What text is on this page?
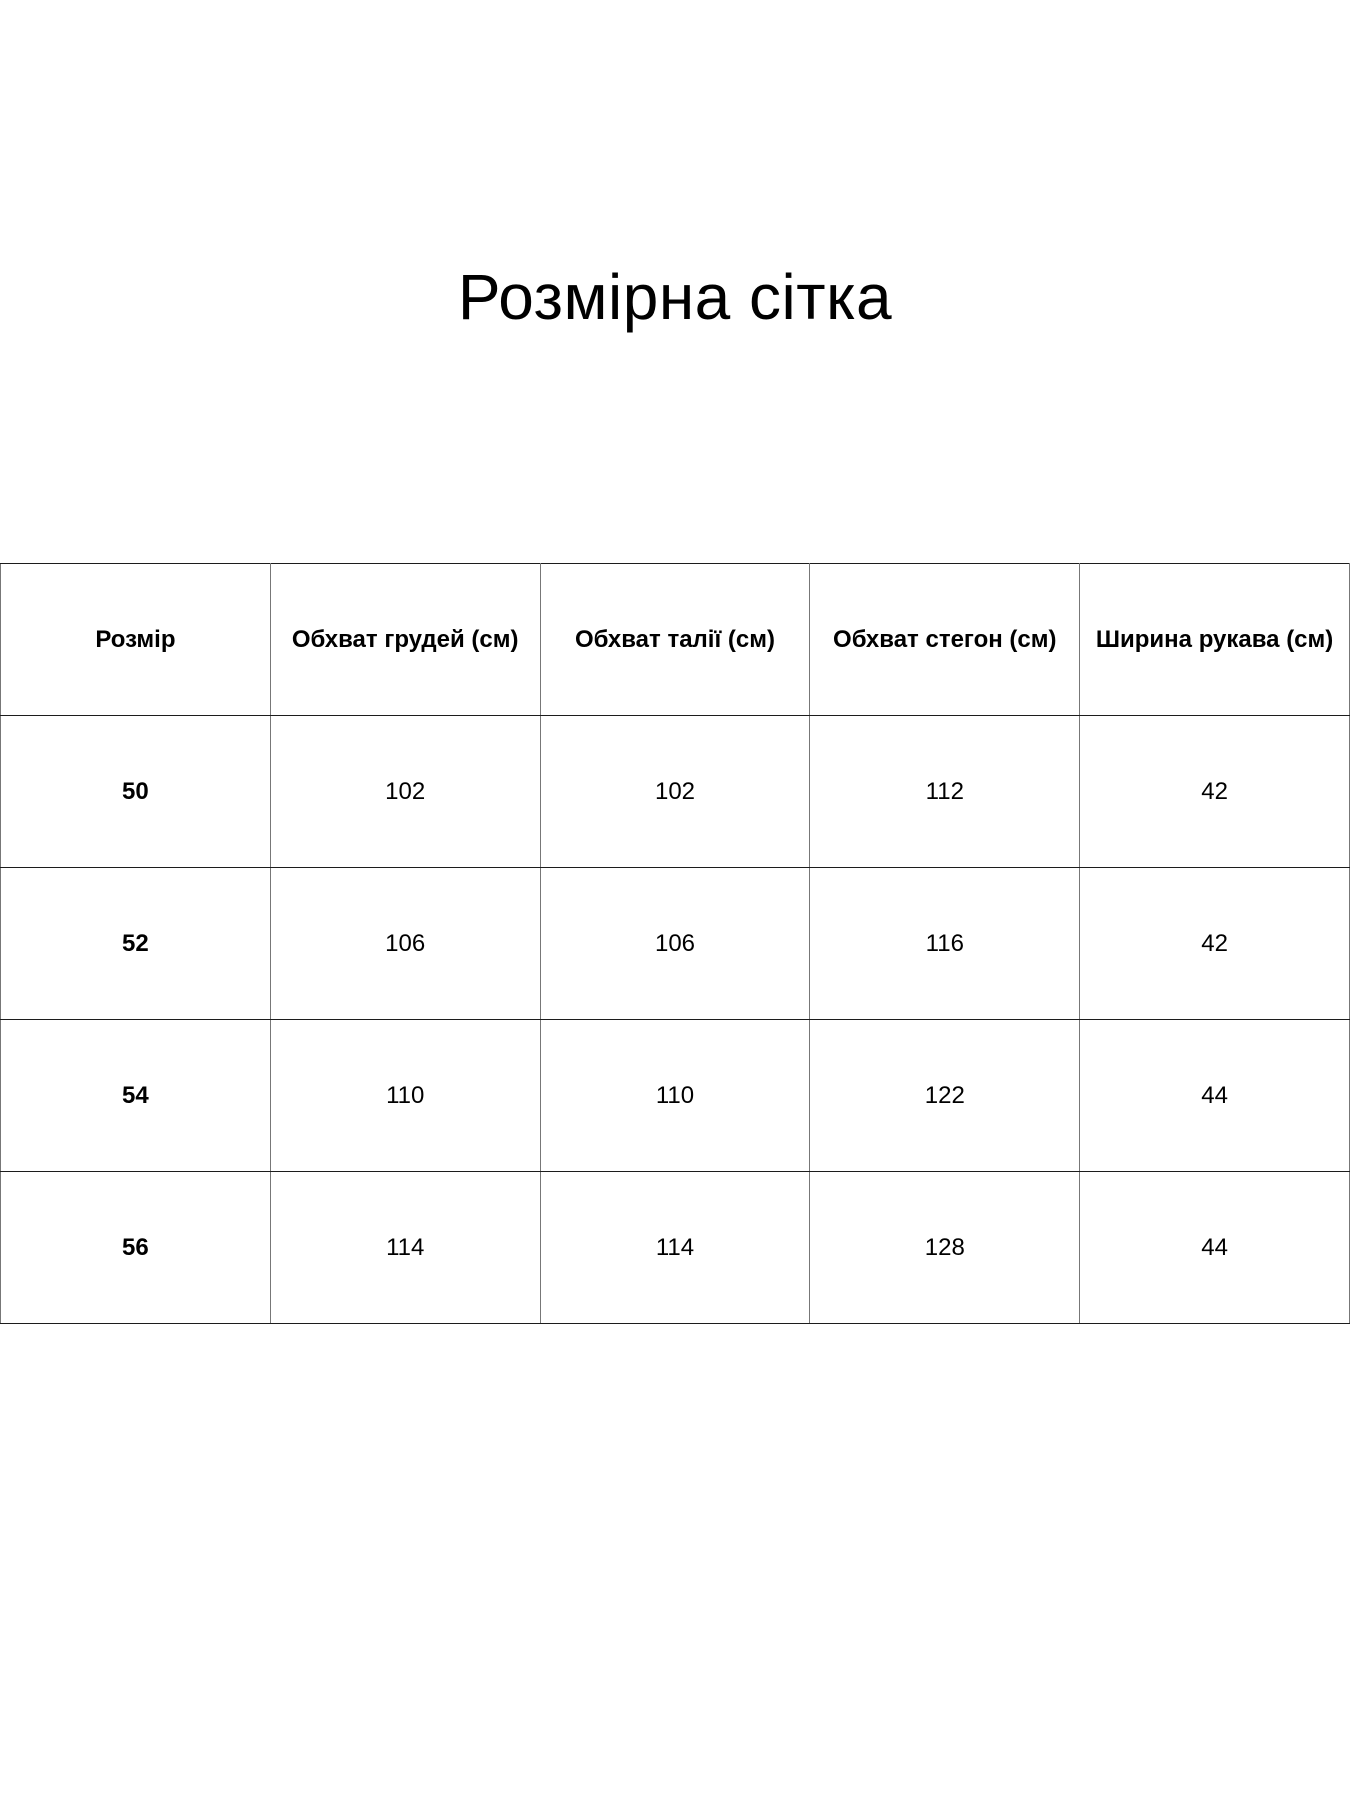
Розмірна сітка
Розмір	Обхват грудей (см)	Обхват талії (см)	Обхват стегон (см)	Ширина рукава (см)
50	102	102	112	42
52	106	106	116	42
54	110	110	122	44
56	114	114	128	44
